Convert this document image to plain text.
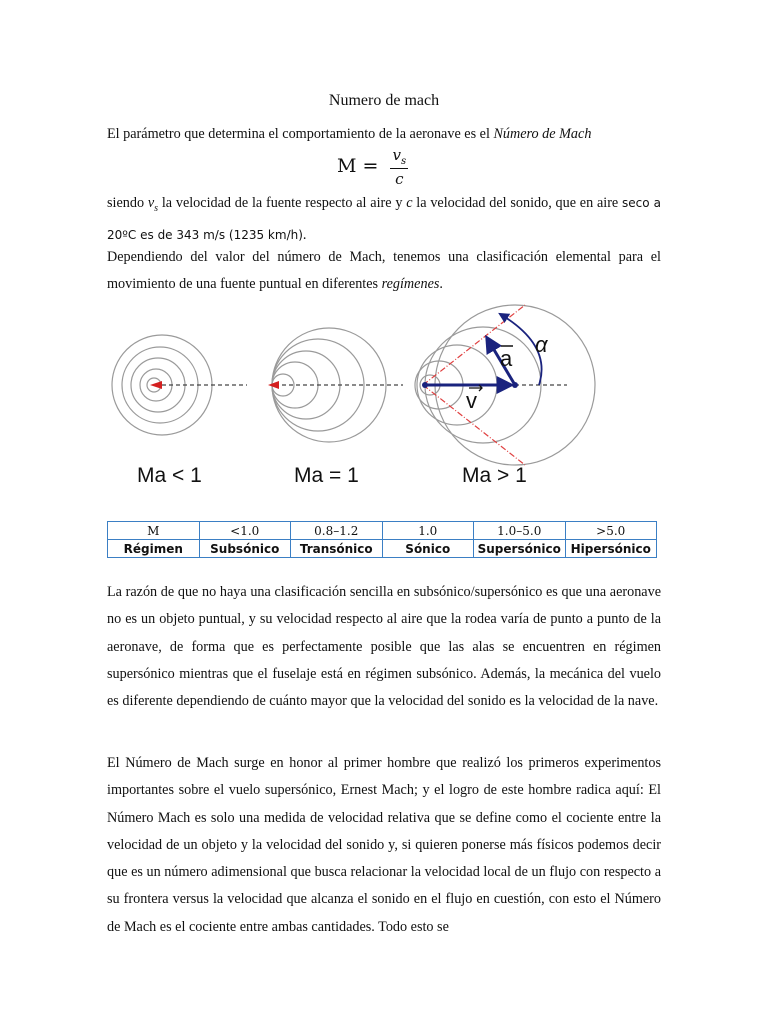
Numero de mach

El parámetro que determina el comportamiento de la aeronave es el Número de Mach

$M = \frac{v_s}{c}$

siendo $v_s$ la velocidad de la fuente respecto al aire y c la velocidad del sonido, que en aire seco a 20ºC es de 343 m/s (1235 km/h).

Dependiendo del valor del número de Mach, tenemos una clasificación elemental para el movimiento de una fuente puntual en diferentes regímenes.

a
v
α
Ma < 1	Ma = 1	Ma > 1
M	<1.0	0.8–1.2	1.0	1.0–5.0	>5.0
Régimen	Subsónico	Transónico	Sónico	Supersónico	Hipersónico

La razón de que no haya una clasificación sencilla en subsónico/supersónico es que una aeronave no es un objeto puntual, y su velocidad respecto al aire que la rodea varía de punto a punto de la aeronave, de forma que es perfectamente posible que las alas se encuentren en régimen supersónico mientras que el fuselaje está en régimen subsónico. Además, la mecánica del vuelo es diferente dependiendo de cuánto mayor que la velocidad del sonido es la velocidad de la nave.

El Número de Mach surge en honor al primer hombre que realizó los primeros experimentos importantes sobre el vuelo supersónico, Ernest Mach; y el logro de este hombre radica aquí: El Número Mach es solo una medida de velocidad relativa que se define como el cociente entre la velocidad de un objeto y la velocidad del sonido y, si quieren ponerse más físicos podemos decir que es un número adimensional que busca relacionar la velocidad local de un flujo con respecto a su frontera versus la velocidad que alcanza el sonido en el flujo en cuestión, con esto el Número de Mach es el cociente entre ambas cantidades. Todo esto se
